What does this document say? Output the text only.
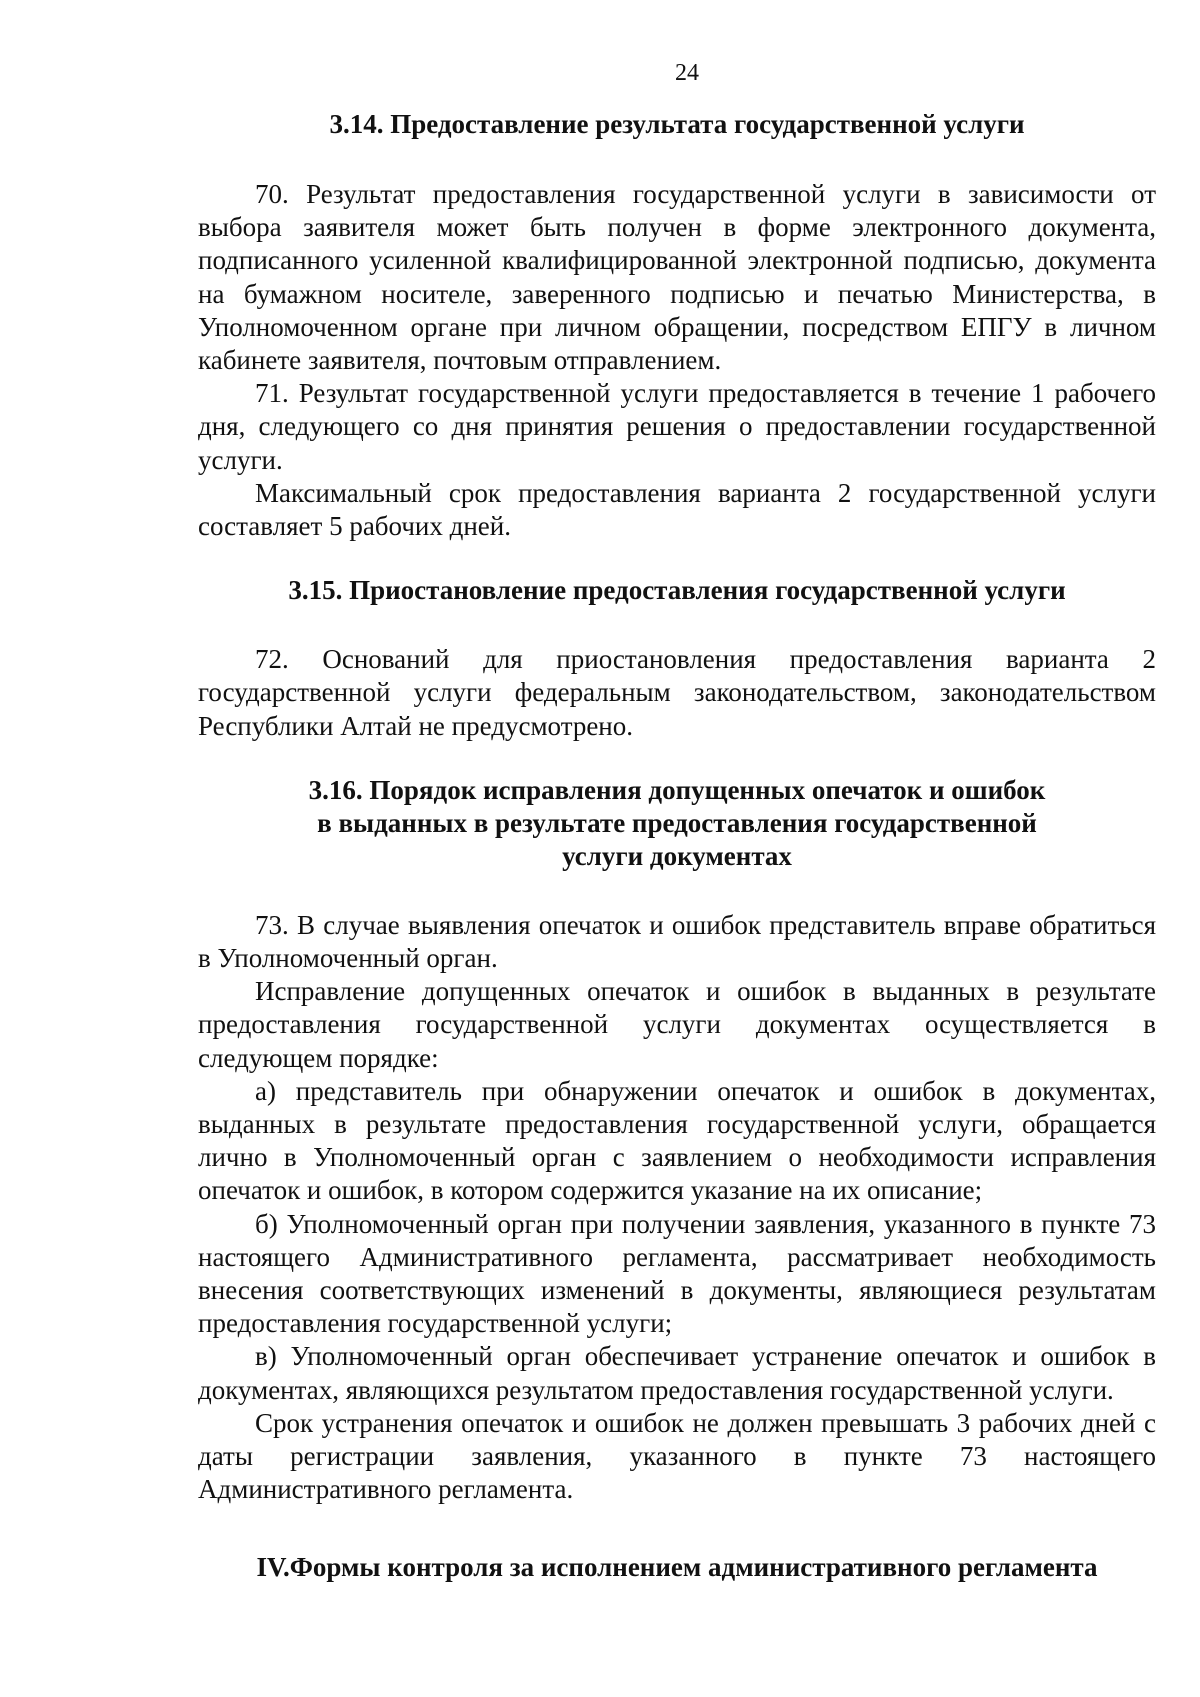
24
3.14. Предоставление результата государственной услуги

70. Результат предоставления государственной услуги в зависимости от выбора заявителя может быть получен в форме электронного документа, подписанного усиленной квалифицированной электронной подписью, документа на бумажном носителе, заверенного подписью и печатью Министерства, в Уполномоченном органе при личном обращении, посредством ЕПГУ в личном кабинете заявителя, почтовым отправлением.

71. Результат государственной услуги предоставляется в течение 1 рабочего дня, следующего со дня принятия решения о предоставлении государственной услуги.

Максимальный срок предоставления варианта 2 государственной услуги составляет 5 рабочих дней.

3.15. Приостановление предоставления государственной услуги

72. Оснований для приостановления предоставления варианта 2 государственной услуги федеральным законодательством, законодательством Республики Алтай не предусмотрено.

3.16. Порядок исправления допущенных опечаток и ошибок
в выданных в результате предоставления государственной
услуги документах

73. В случае выявления опечаток и ошибок представитель вправе обратиться в Уполномоченный орган.

Исправление допущенных опечаток и ошибок в выданных в результате предоставления государственной услуги документах осуществляется в следующем порядке:

а) представитель при обнаружении опечаток и ошибок в документах, выданных в результате предоставления государственной услуги, обращается лично в Уполномоченный орган с заявлением о необходимости исправления опечаток и ошибок, в котором содержится указание на их описание;

б) Уполномоченный орган при получении заявления, указанного в пункте 73 настоящего Административного регламента, рассматривает необходимость внесения соответствующих изменений в документы, являющиеся результатам предоставления государственной услуги;

в) Уполномоченный орган обеспечивает устранение опечаток и ошибок в документах, являющихся результатом предоставления государственной услуги.

Срок устранения опечаток и ошибок не должен превышать 3 рабочих дней с даты регистрации заявления, указанного в пункте 73 настоящего Административного регламента.

IV.Формы контроля за исполнением административного регламента
